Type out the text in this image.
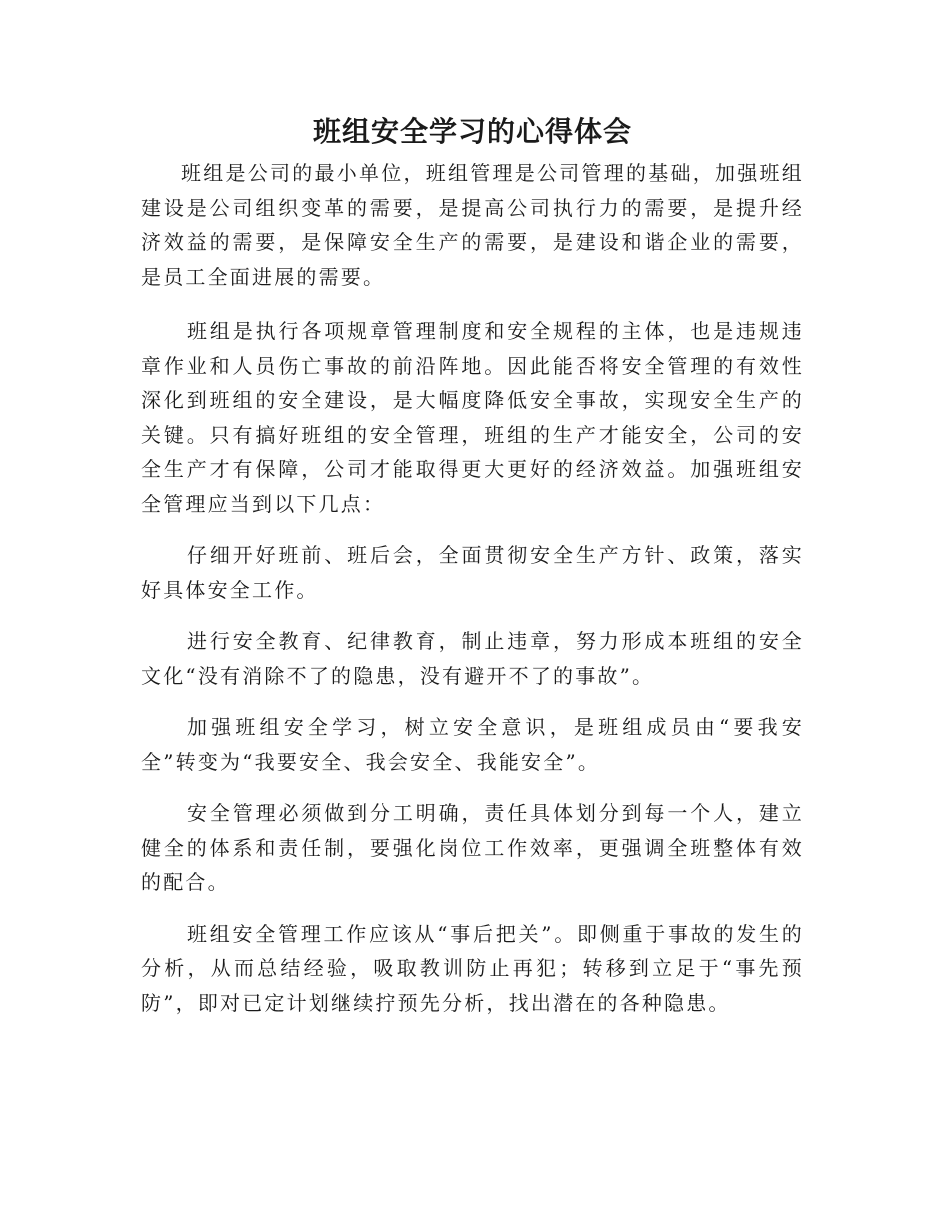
班组安全学习的心得体会

班组是公司的最小单位，班组管理是公司管理的基础，加强班组建设是公司组织变革的需要，是提高公司执行力的需要，是提升经济效益的需要，是保障安全生产的需要，是建设和谐企业的需要，是员工全面进展的需要。

班组是执行各项规章管理制度和安全规程的主体，也是违规违章作业和人员伤亡事故的前沿阵地。因此能否将安全管理的有效性深化到班组的安全建设，是大幅度降低安全事故，实现安全生产的关键。只有搞好班组的安全管理，班组的生产才能安全，公司的安全生产才有保障，公司才能取得更大更好的经济效益。加强班组安全管理应当到以下几点：

仔细开好班前、班后会，全面贯彻安全生产方针、政策，落实好具体安全工作。

进行安全教育、纪律教育，制止违章，努力形成本班组的安全文化“没有消除不了的隐患，没有避开不了的事故”。

加强班组安全学习，树立安全意识，是班组成员由“要我安全”转变为“我要安全、我会安全、我能安全”。

安全管理必须做到分工明确，责任具体划分到每一个人，建立健全的体系和责任制，要强化岗位工作效率，更强调全班整体有效的配合。

班组安全管理工作应该从“事后把关”。即侧重于事故的发生的分析，从而总结经验，吸取教训防止再犯；转移到立足于“事先预防”，即对已定计划继续拧预先分析，找出潜在的各种隐患。
